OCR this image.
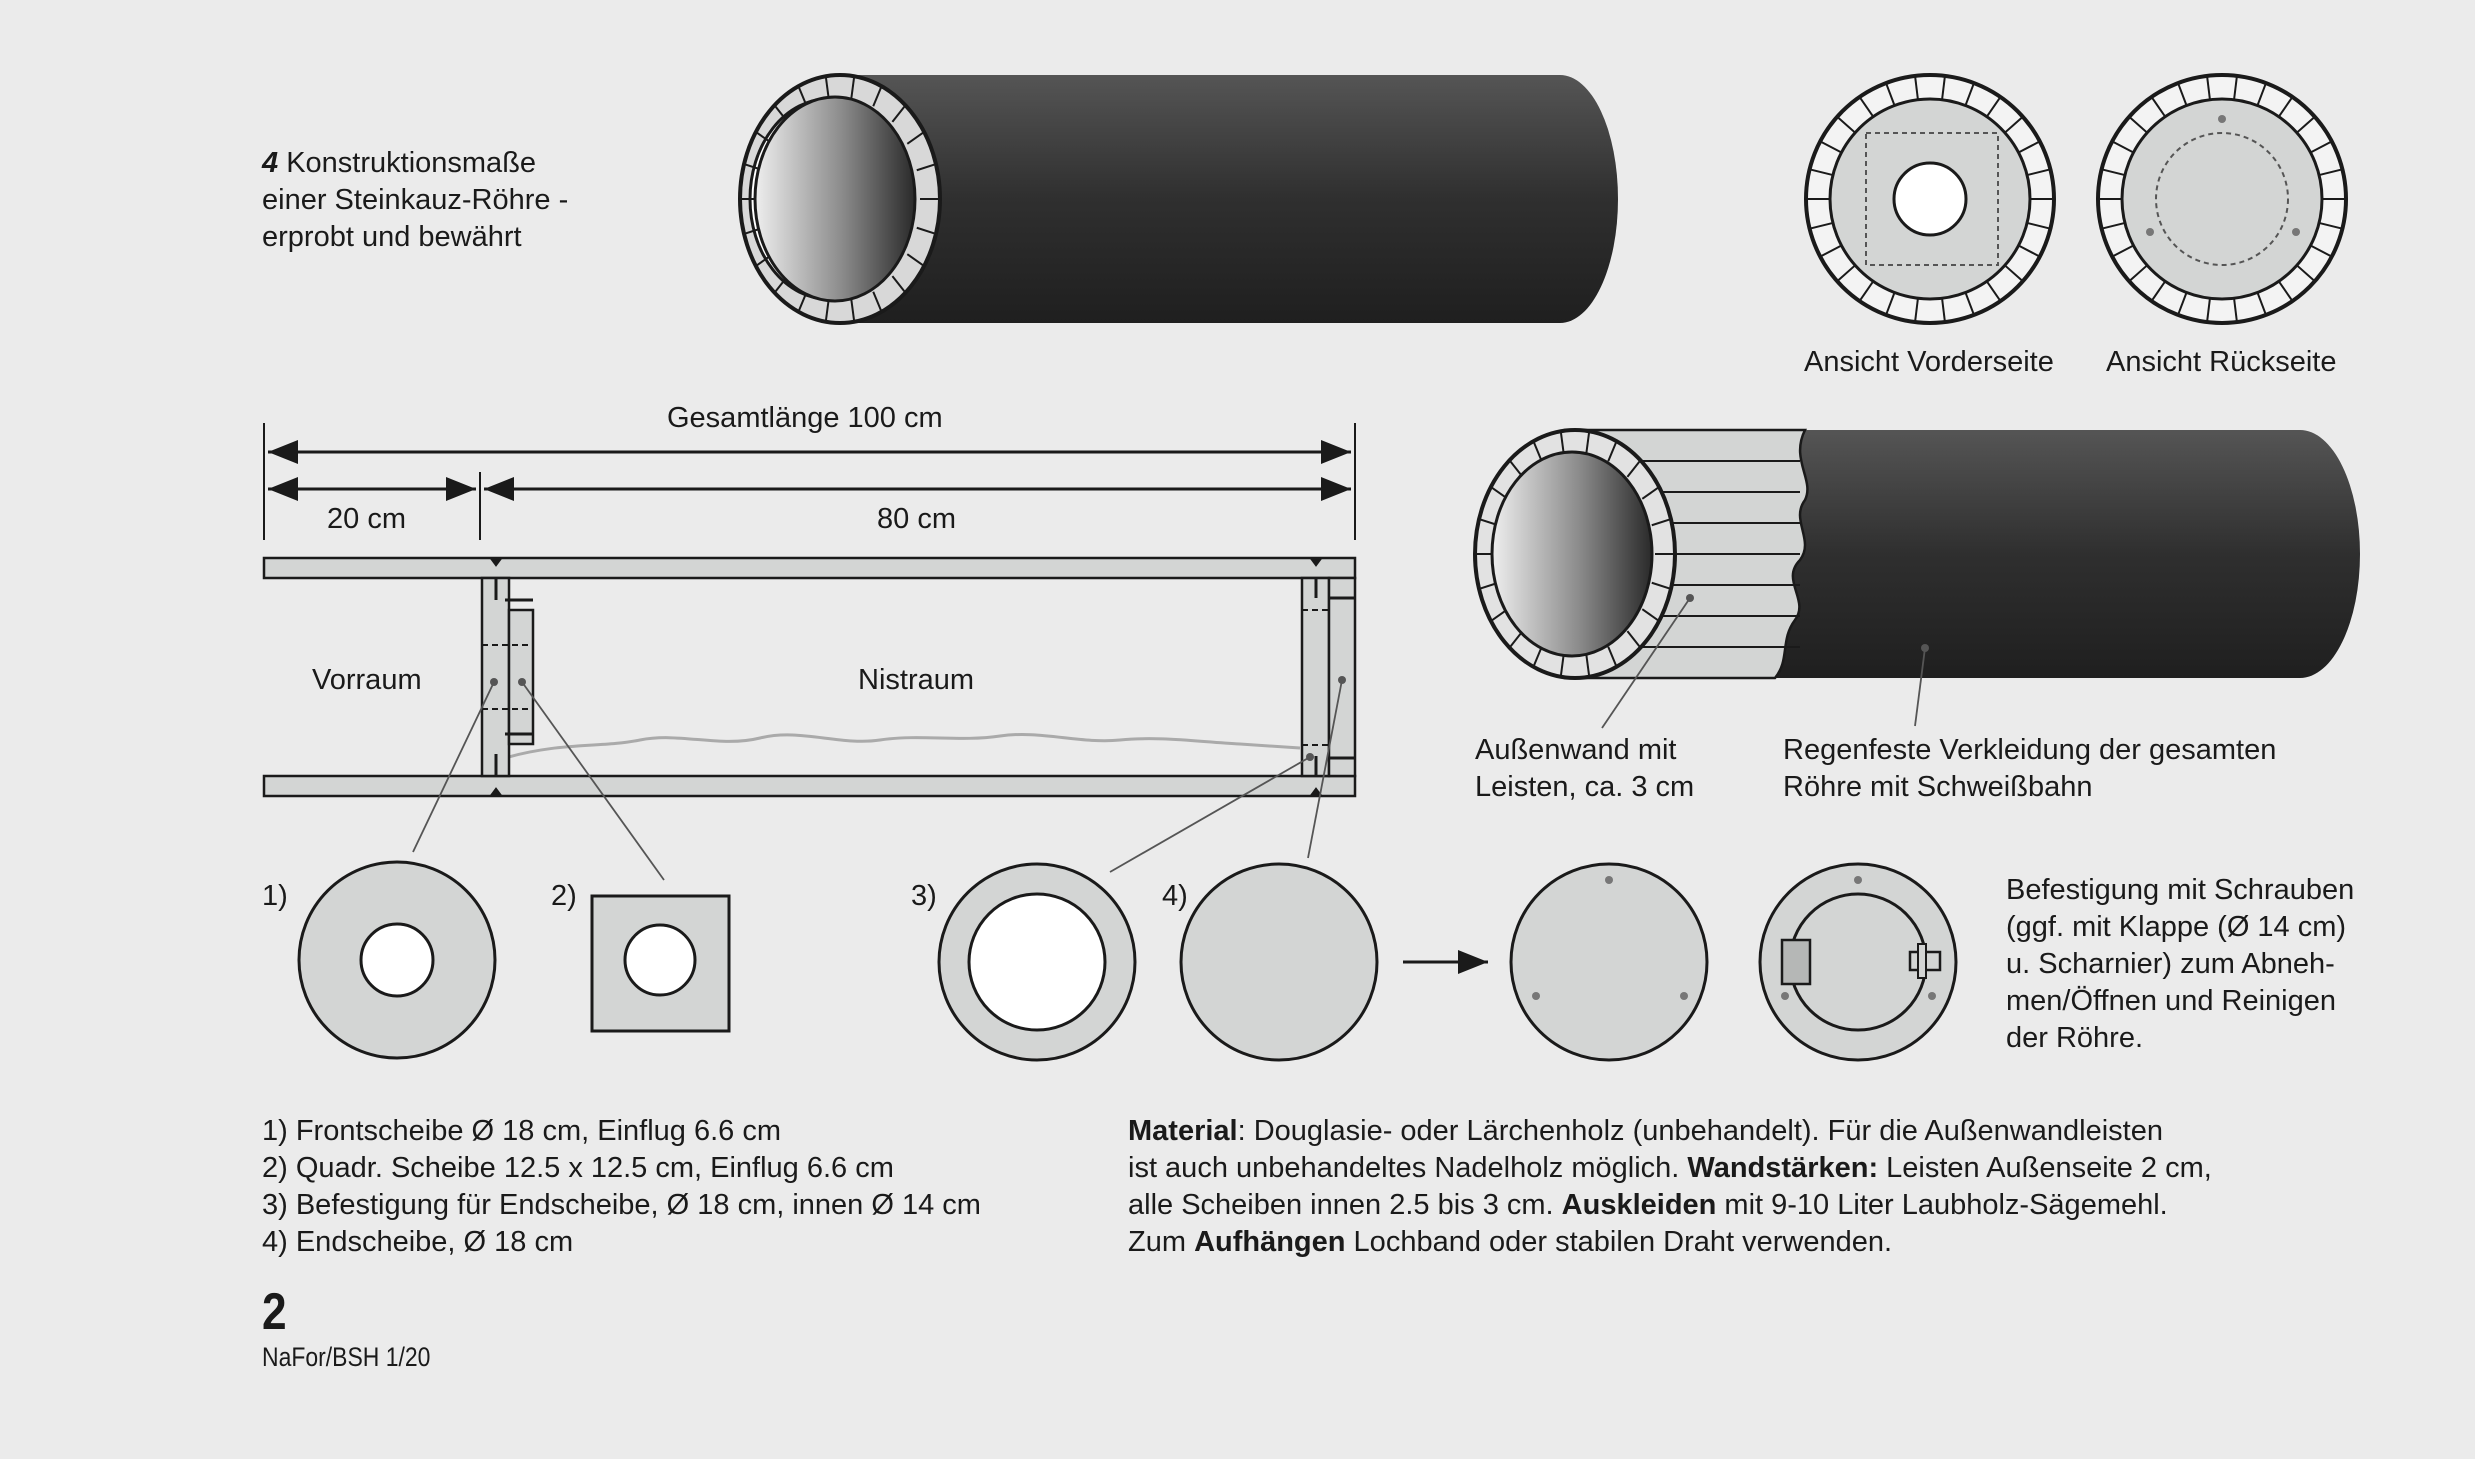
4 Konstruktionsmaße
einer Steinkauz-Röhre -
erprobt und bewährt
Ansicht Vorderseite Ansicht Rückseite
Gesamtlänge 100 cm
20 cm	80 cm
Vorraum	Nistraum
Außenwand mit
Leisten, ca. 3 cm
Regenfeste Verkleidung der gesamten
Röhre mit Schweißbahn
1)	2)	3)	4)	Befestigung mit Schrauben
(ggf. mit Klappe (Ø 14 cm)
u. Scharnier) zum Abneh-
men/Öffnen und Reinigen
der Röhre.
1) Frontscheibe Ø 18 cm, Einflug 6.6 cm
2) Quadr. Scheibe 12.5 x 12.5 cm, Einflug 6.6 cm
3) Befestigung für Endscheibe, Ø 18 cm, innen Ø 14 cm
4) Endscheibe, Ø 18 cm
Material: Douglasie- oder Lärchenholz (unbehandelt). Für die Außenwandleisten
ist auch unbehandeltes Nadelholz möglich. Wandstärken: Leisten Außenseite 2 cm,
alle Scheiben innen 2.5 bis 3 cm. Auskleiden mit 9-10 Liter Laubholz-Sägemehl.
Zum Aufhängen Lochband oder stabilen Draht verwenden.
2
NaFor/BSH 1/20
